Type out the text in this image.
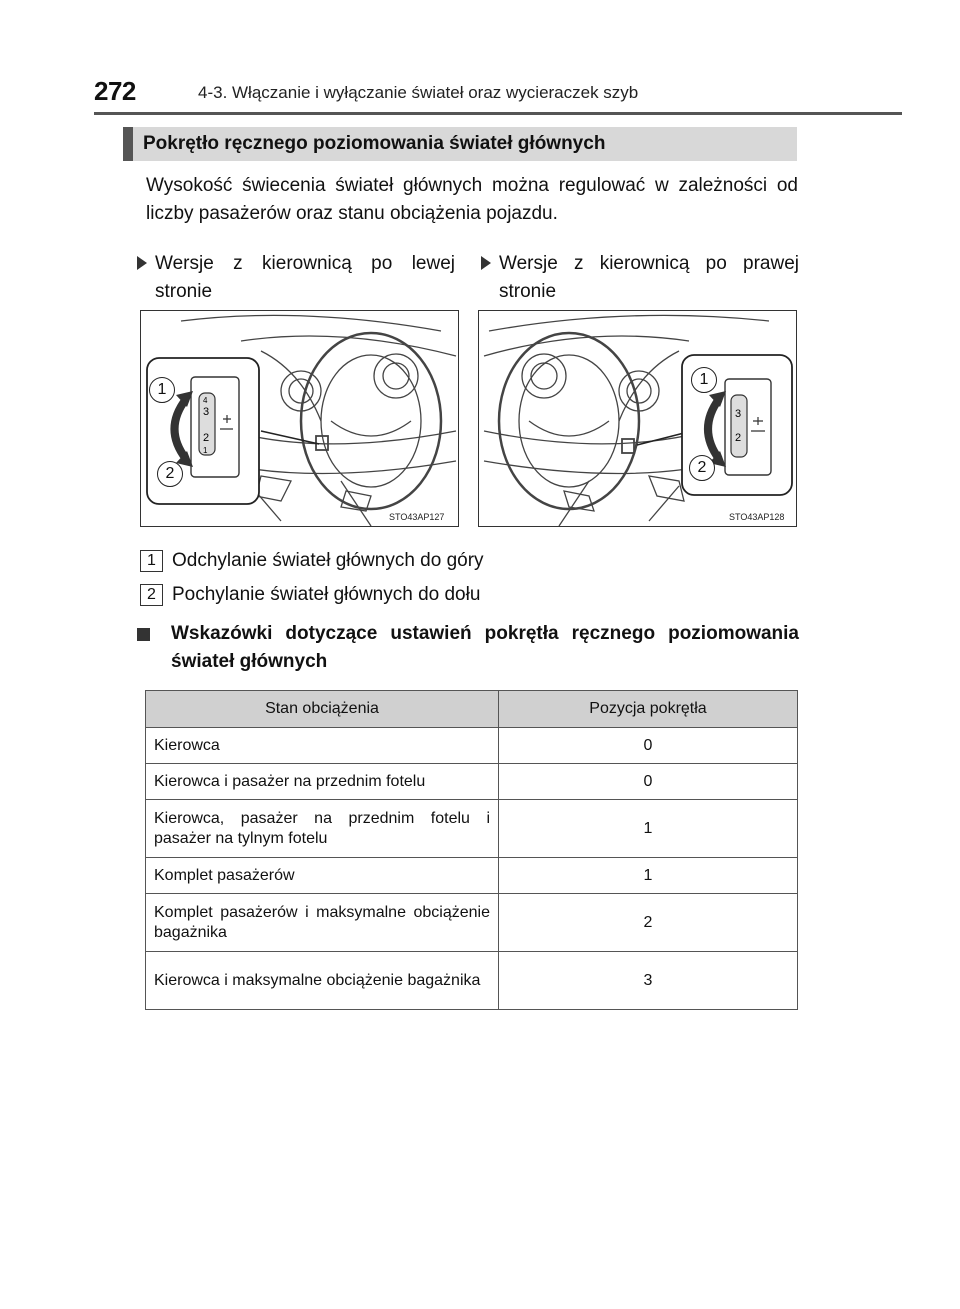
272	4-3. Włączanie i wyłączanie świateł oraz wycieraczek szyb
Pokrętło ręcznego poziomowania świateł głównych
Wysokość świecenia świateł głównych można regulować w zależności od liczby pasażerów oraz stanu obciążenia pojazdu.
Wersje z kierownicą po lewej stronie
Wersje z kierownicą po prawej stronie
3
2
4
1
1
2
STO43AP127
3
2
1
2
STO43AP128
1 Odchylanie świateł głównych do góry
2 Pochylanie świateł głównych do dołu
Wskazówki dotyczące ustawień pokrętła ręcznego poziomowania świateł głównych
Stan obciążenia	Pozycja pokrętła
Kierowca	0
Kierowca i pasażer na przednim fotelu	0
Kierowca, pasażer na przednim fotelu i pasażer na tylnym fotelu	1
Komplet pasażerów	1
Komplet pasażerów i maksymalne obciążenie bagażnika	2
Kierowca i maksymalne obciążenie bagażnika	3
